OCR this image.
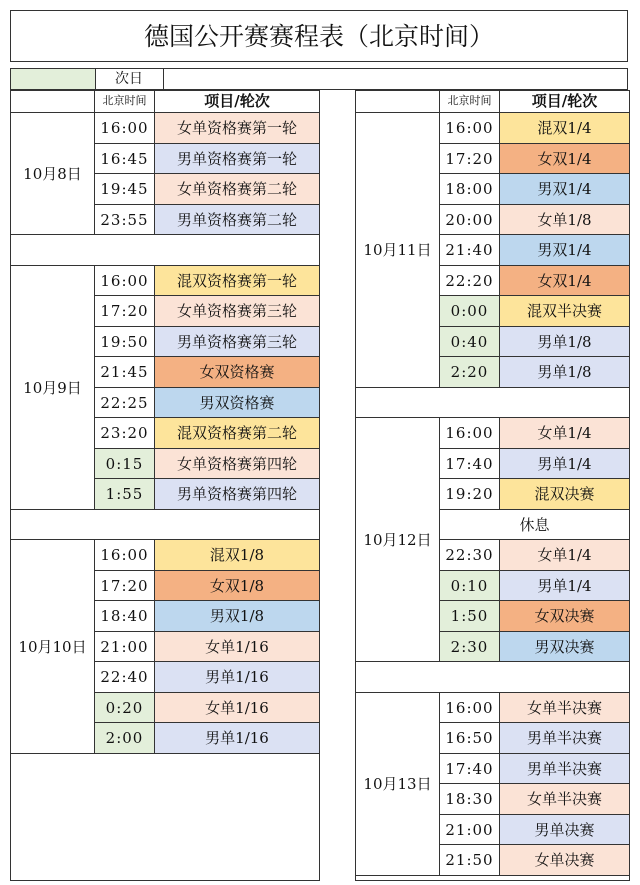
德国公开赛赛程表（北京时间）
次日
北京时间	项目/轮次
10月8日
16:00	女单资格赛第一轮
16:45	男单资格赛第一轮
19:45	女单资格赛第二轮
23:55	男单资格赛第二轮
10月9日
16:00	混双资格赛第一轮
17:20	女单资格赛第三轮
19:50	男单资格赛第三轮
21:45	女双资格赛
22:25	男双资格赛
23:20	混双资格赛第二轮
0:15	女单资格赛第四轮
1:55	男单资格赛第四轮
10月10日
16:00	混双1/8
17:20	女双1/8
18:40	男双1/8
21:00	女单1/16
22:40	男单1/16
0:20	女单1/16
2:00	男单1/16
北京时间	项目/轮次
10月11日
16:00	混双1/4
17:20	女双1/4
18:00	男双1/4
20:00	女单1/8
21:40	男双1/4
22:20	女双1/4
0:00	混双半决赛
0:40	男单1/8
2:20	男单1/8
10月12日
16:00	女单1/4
17:40	男单1/4
19:20	混双决赛
休息
22:30	女单1/4
0:10	男单1/4
1:50	女双决赛
2:30	男双决赛
10月13日
16:00	女单半决赛
16:50	男单半决赛
17:40	男单半决赛
18:30	女单半决赛
21:00	男单决赛
21:50	女单决赛
